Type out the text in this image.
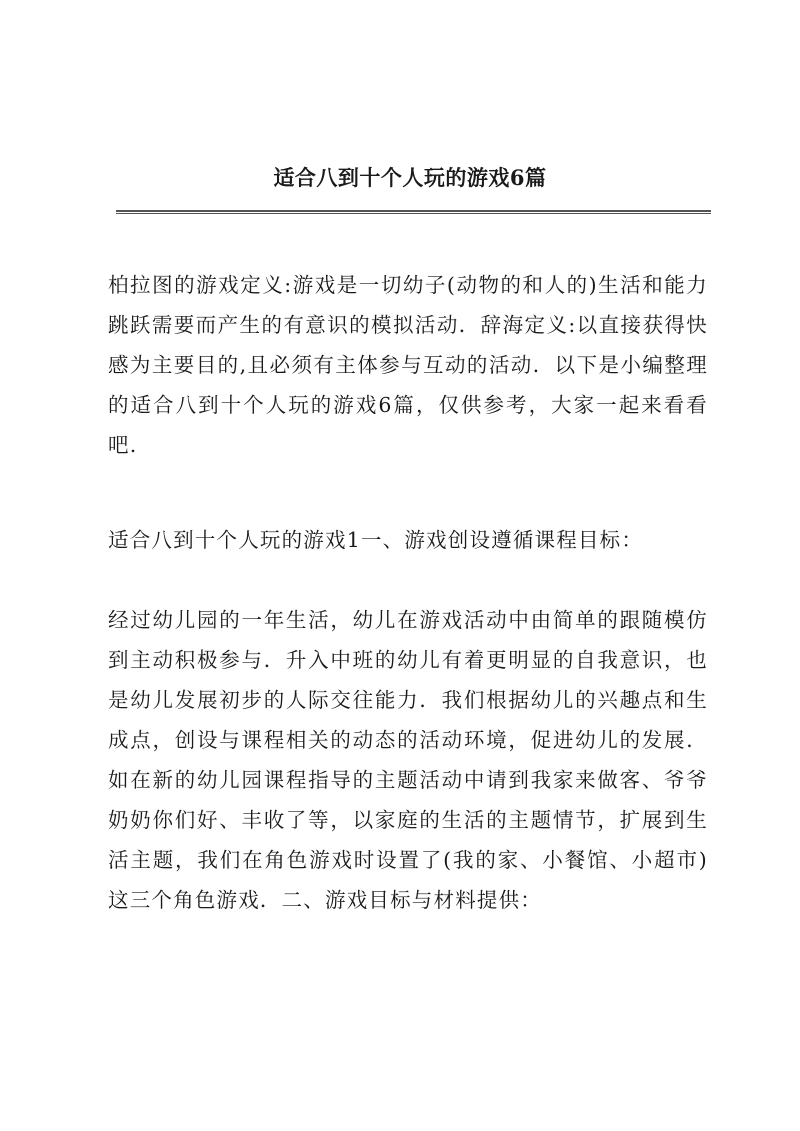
适合八到十个人玩的游戏6篇

柏拉图的游戏定义:游戏是一切幼子(动物的和人的)生活和能力跳跃需要而产生的有意识的模拟活动．辞海定义:以直接获得快感为主要目的,且必须有主体参与互动的活动．以下是小编整理的适合八到十个人玩的游戏6篇，仅供参考，大家一起来看看吧.

适合八到十个人玩的游戏1一、游戏创设遵循课程目标：

经过幼儿园的一年生活，幼儿在游戏活动中由简单的跟随模仿到主动积极参与．升入中班的幼儿有着更明显的自我意识，也是幼儿发展初步的人际交往能力．我们根据幼儿的兴趣点和生成点，创设与课程相关的动态的活动环境，促进幼儿的发展．如在新的幼儿园课程指导的主题活动中请到我家来做客、爷爷奶奶你们好、丰收了等，以家庭的生活的主题情节，扩展到生活主题，我们在角色游戏时设置了(我的家、小餐馆、小超市)这三个角色游戏．二、游戏目标与材料提供：
